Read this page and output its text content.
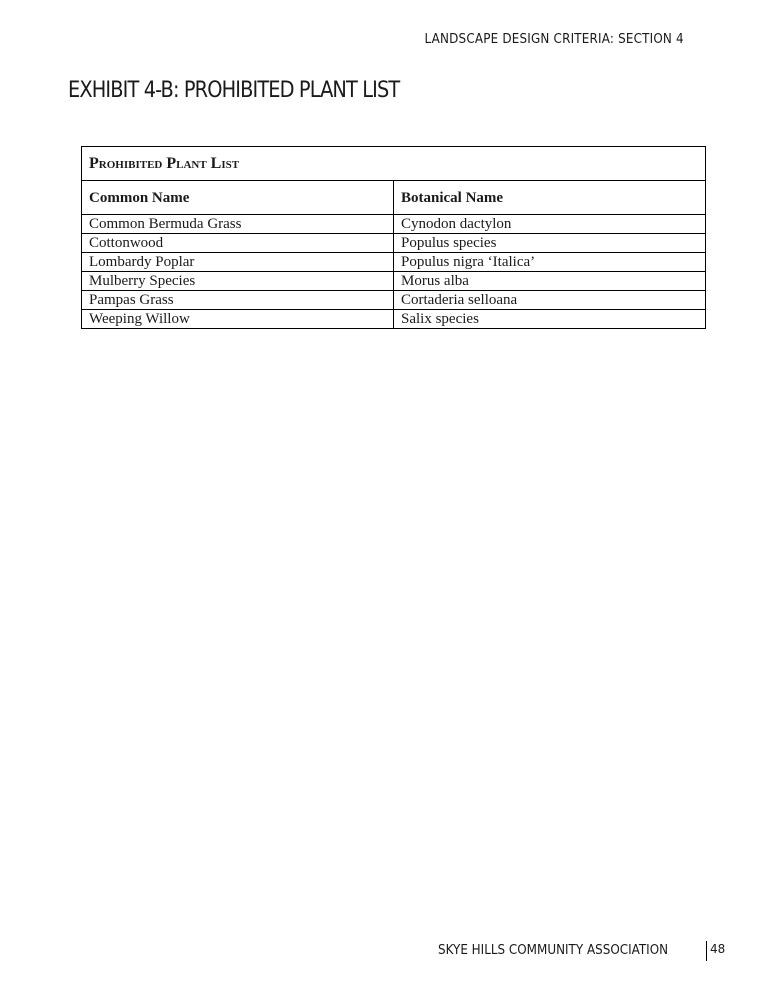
LANDSCAPE DESIGN CRITERIA: SECTION 4
EXHIBIT 4-B: PROHIBITED PLANT LIST
Prohibited Plant List	
Common Name	Botanical Name
Common Bermuda Grass	Cynodon dactylon
Cottonwood	Populus species
Lombardy Poplar	Populus nigra ‘Italica’
Mulberry Species	Morus alba
Pampas Grass	Cortaderia selloana
Weeping Willow	Salix species
SKYE HILLS COMMUNITY ASSOCIATION	48
